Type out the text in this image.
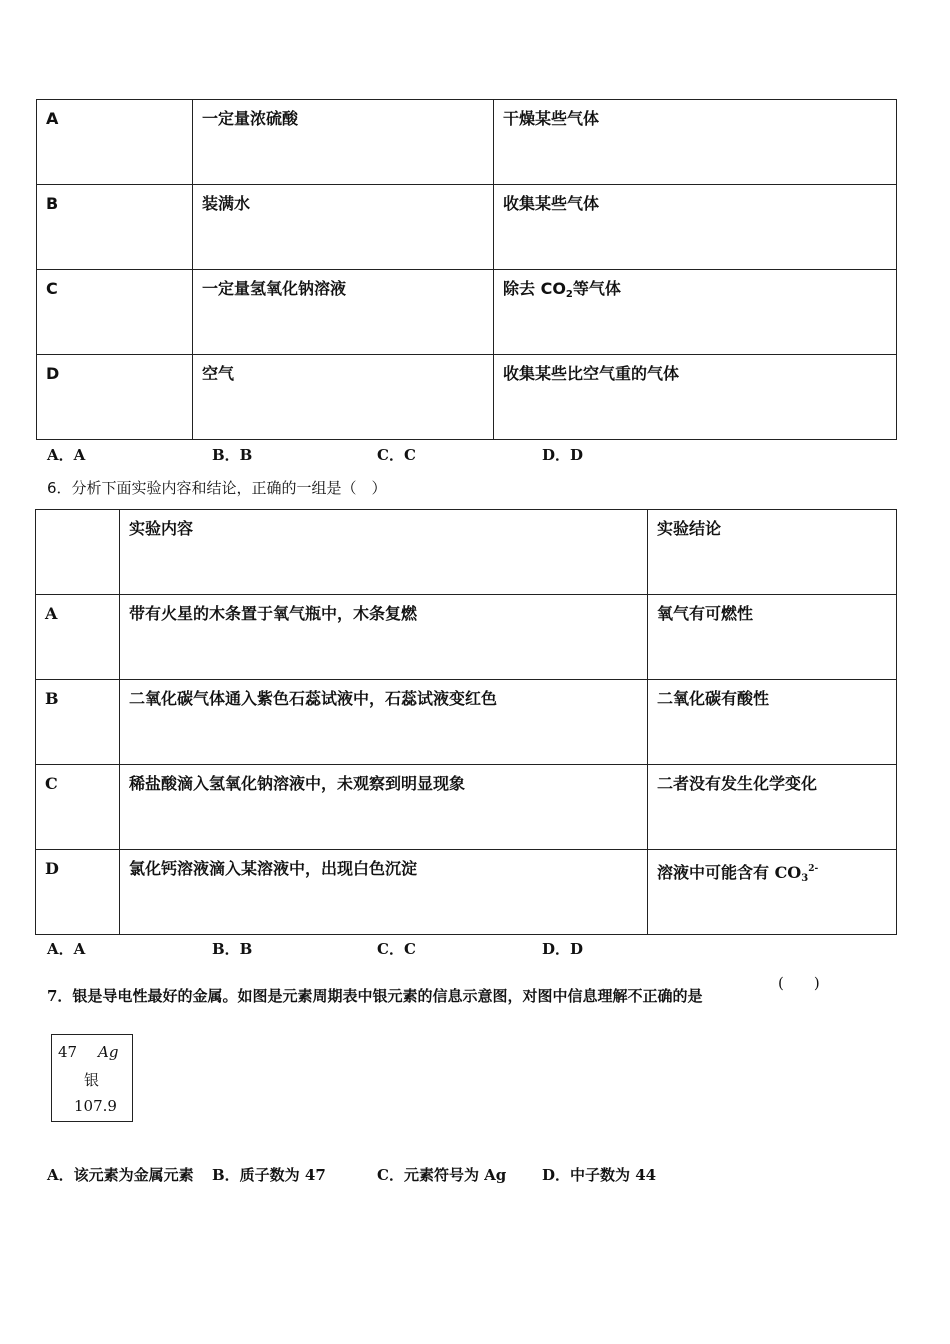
A	一定量浓硫酸	干燥某些气体

B	装满水	收集某些气体

C	一定量氢氧化钠溶液	除去 $CO_2$等气体

D	空气	收集某些比空气重的气体
A．A	B．B	C．C	D．D
6．分析下面实验内容和结论，正确的一组是（　）

	实验内容	实验结论

A	带有火星的木条置于氧气瓶中，木条复燃	氧气有可燃性

B	二氧化碳气体通入紫色石蕊试液中，石蕊试液变红色	二氧化碳有酸性

C	稀盐酸滴入氢氧化钠溶液中，未观察到明显现象	二者没有发生化学变化

D	氯化钙溶液滴入某溶液中，出现白色沉淀	溶液中可能含有 $CO_3^{2-}$
A．A	B．B	C．C	D．D
7．银是导电性最好的金属。如图是元素周期表中银元素的信息示意图，对图中信息理解不正确的是
(　　)
47 Ag
银
107.9
A．该元素为金属元素 B．质子数为 47	C．元素符号为 Ag D．中子数为 44
